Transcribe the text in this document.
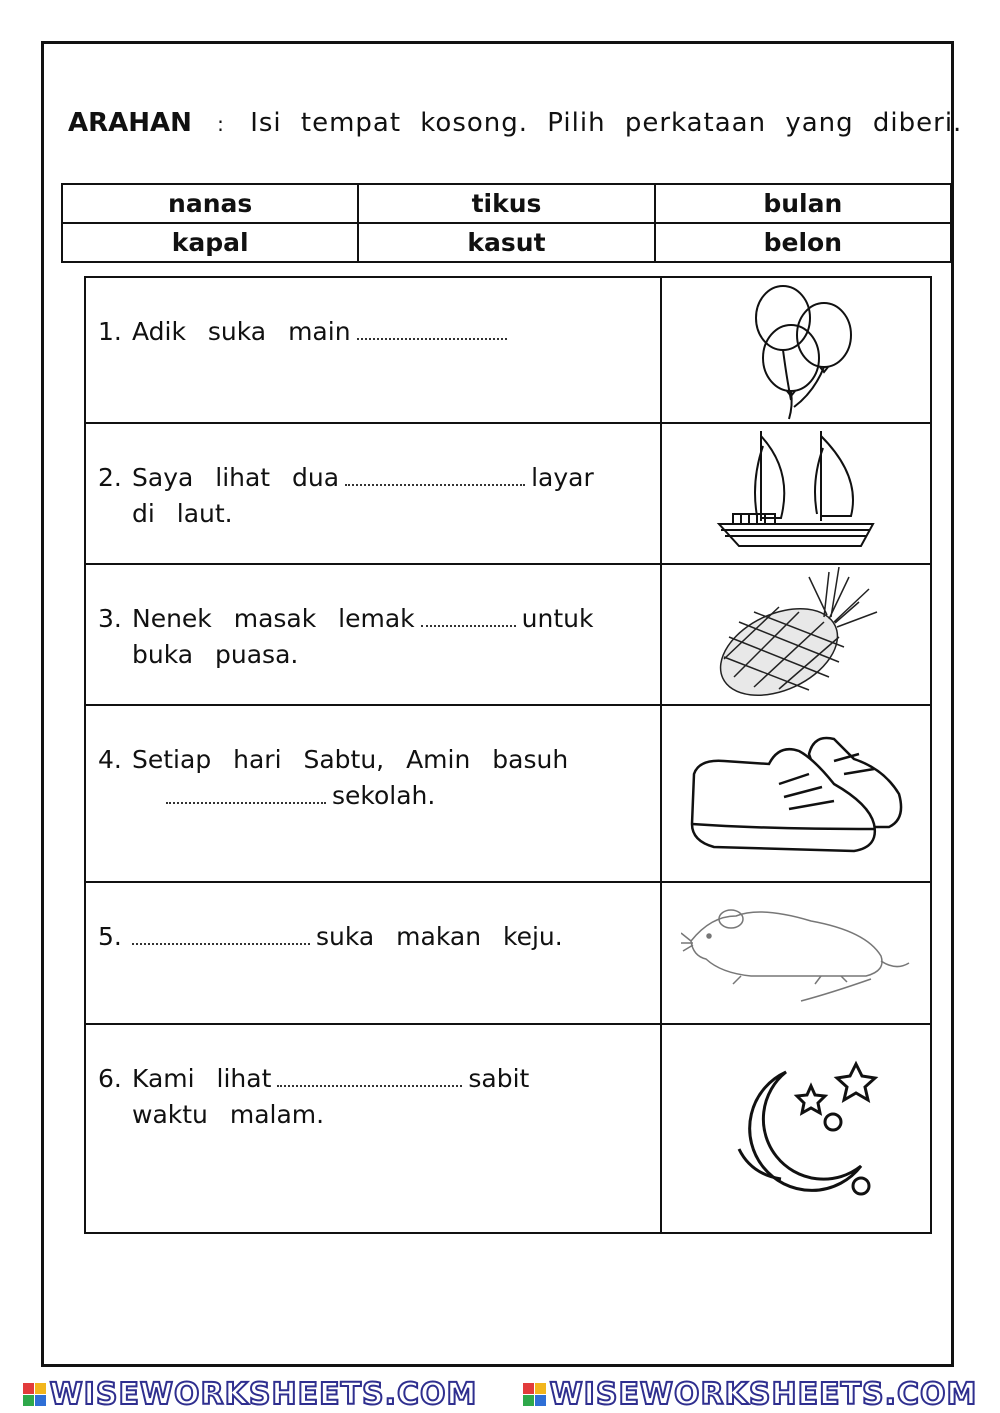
ARAHAN : Isi tempat kosong. Pilih perkataan yang diberi.
nanas	tikus	bulan
kapal	kasut	belon
1. Adik suka main
2. Saya lihat dua	layar
di laut.
3. Nenek masak lemak	untuk
buka puasa.
4. Setiap hari Sabtu, Amin basuh
sekolah.
5.	suka makan keju.
6. Kami lihat	sabit
waktu malam.
WISEWORKSHEETS.COM WISEWORKSHEETS.COM
